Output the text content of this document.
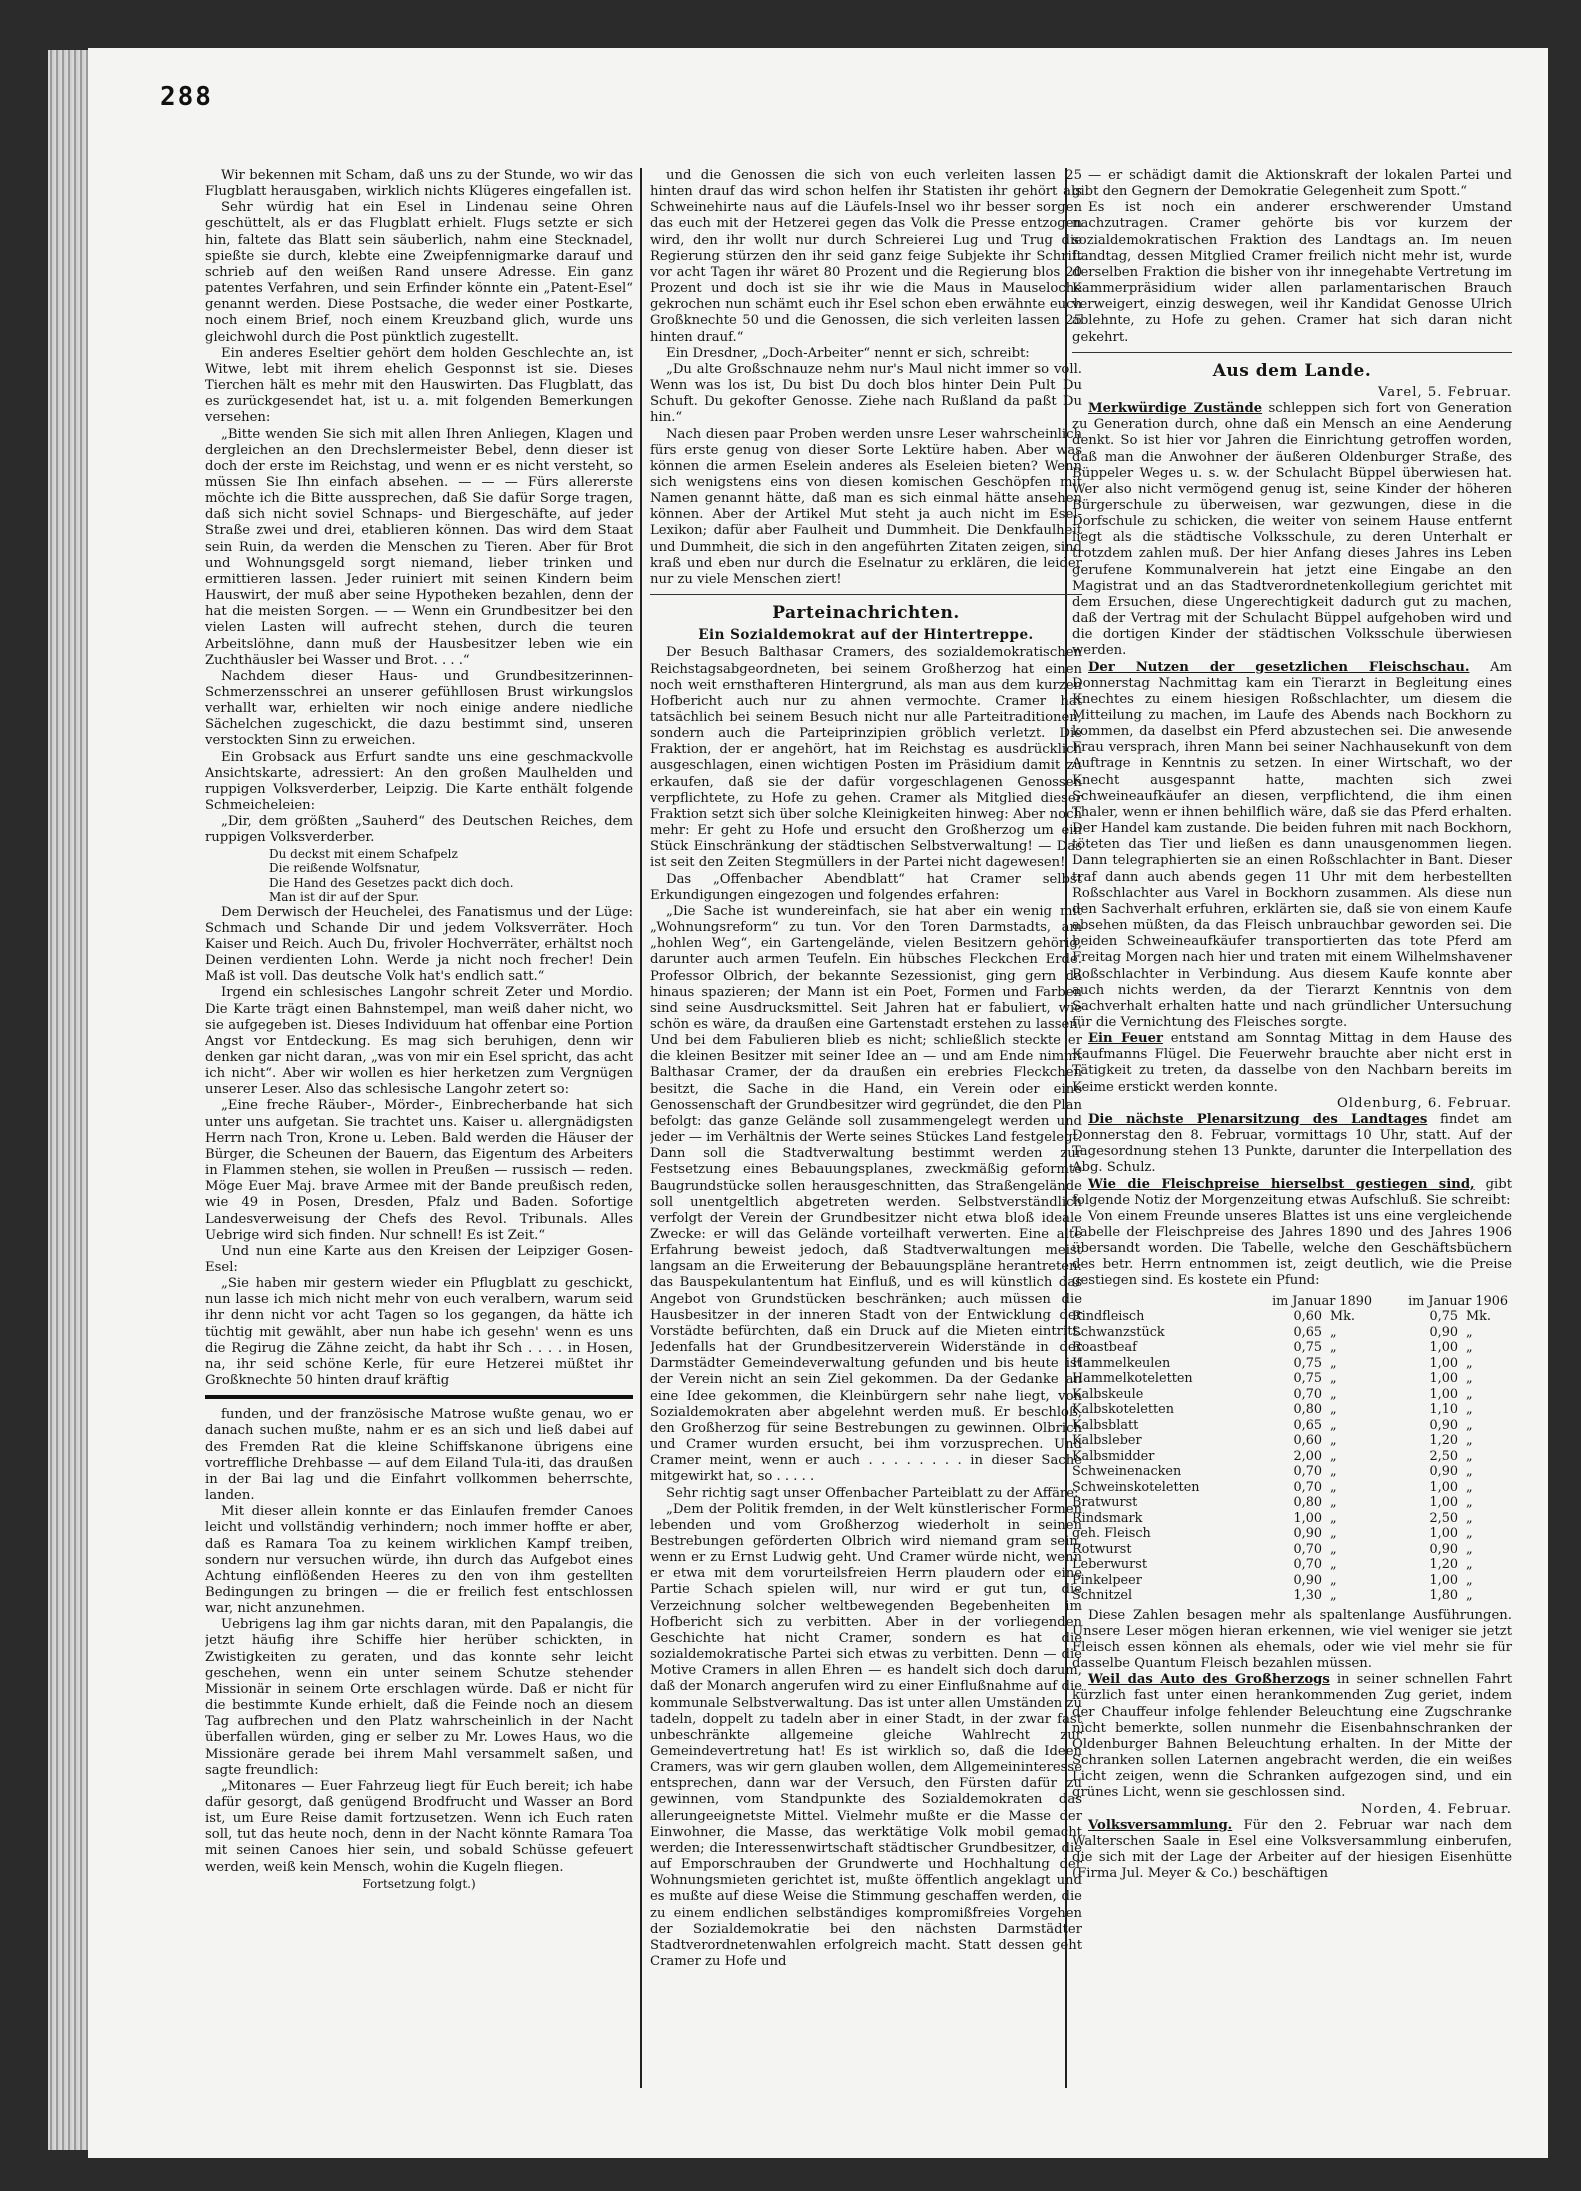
288

Wir bekennen mit Scham, daß uns zu der Stunde, wo wir das Flugblatt herausgaben, wirklich nichts Klügeres eingefallen ist.

Sehr würdig hat ein Esel in Lindenau seine Ohren geschüttelt, als er das Flugblatt erhielt. Flugs setzte er sich hin, faltete das Blatt sein säuberlich, nahm eine Stecknadel, spießte sie durch, klebte eine Zweipfennigmarke darauf und schrieb auf den weißen Rand unsere Adresse. Ein ganz patentes Verfahren, und sein Erfinder könnte ein „Patent-Esel“ genannt werden. Diese Postsache, die weder einer Postkarte, noch einem Brief, noch einem Kreuzband glich, wurde uns gleichwohl durch die Post pünktlich zugestellt.

Ein anderes Eseltier gehört dem holden Geschlechte an, ist Witwe, lebt mit ihrem ehelich Gesponnst ist sie. Dieses Tierchen hält es mehr mit den Hauswirten. Das Flugblatt, das es zurückgesendet hat, ist u. a. mit folgenden Bemerkungen versehen:

„Bitte wenden Sie sich mit allen Ihren Anliegen, Klagen und dergleichen an den Drechslermeister Bebel, denn dieser ist doch der erste im Reichstag, und wenn er es nicht versteht, so müssen Sie Ihn einfach absehen. — — — Fürs allererste möchte ich die Bitte aussprechen, daß Sie dafür Sorge tragen, daß sich nicht soviel Schnaps- und Biergeschäfte, auf jeder Straße zwei und drei, etablieren können. Das wird dem Staat sein Ruin, da werden die Menschen zu Tieren. Aber für Brot und Wohnungsgeld sorgt niemand, lieber trinken und ermittieren lassen. Jeder ruiniert mit seinen Kindern beim Hauswirt, der muß aber seine Hypotheken bezahlen, denn der hat die meisten Sorgen. — — Wenn ein Grundbesitzer bei den vielen Lasten will aufrecht stehen, durch die teuren Arbeitslöhne, dann muß der Hausbesitzer leben wie ein Zuchthäusler bei Wasser und Brot. . . .“

Nachdem dieser Haus- und Grundbesitzerinnen-Schmerzensschrei an unserer gefühllosen Brust wirkungslos verhallt war, erhielten wir noch einige andere niedliche Sächelchen zugeschickt, die dazu bestimmt sind, unseren verstockten Sinn zu erweichen.

Ein Grobsack aus Erfurt sandte uns eine geschmackvolle Ansichtskarte, adressiert: An den großen Maulhelden und ruppigen Volksverderber, Leipzig. Die Karte enthält folgende Schmeicheleien:

„Dir, dem größten „Sauherd“ des Deutschen Reiches, dem ruppigen Volksverderber.

Du deckst mit einem Schafpelz
Die reißende Wolfsnatur,
Die Hand des Gesetzes packt dich doch.
Man ist dir auf der Spur.

Dem Derwisch der Heuchelei, des Fanatismus und der Lüge: Schmach und Schande Dir und jedem Volksverräter. Hoch Kaiser und Reich. Auch Du, frivoler Hochverräter, erhältst noch Deinen verdienten Lohn. Werde ja nicht noch frecher! Dein Maß ist voll. Das deutsche Volk hat's endlich satt.“

Irgend ein schlesisches Langohr schreit Zeter und Mordio. Die Karte trägt einen Bahnstempel, man weiß daher nicht, wo sie aufgegeben ist. Dieses Individuum hat offenbar eine Portion Angst vor Entdeckung. Es mag sich beruhigen, denn wir denken gar nicht daran, „was von mir ein Esel spricht, das acht ich nicht“. Aber wir wollen es hier herketzen zum Vergnügen unserer Leser. Also das schlesische Langohr zetert so:

„Eine freche Räuber-, Mörder-, Einbrecherbande hat sich unter uns aufgetan. Sie trachtet uns. Kaiser u. allergnädigsten Herrn nach Tron, Krone u. Leben. Bald werden die Häuser der Bürger, die Scheunen der Bauern, das Eigentum des Arbeiters in Flammen stehen, sie wollen in Preußen — russisch — reden. Möge Euer Maj. brave Armee mit der Bande preußisch reden, wie 49 in Posen, Dresden, Pfalz und Baden. Sofortige Landesverweisung der Chefs des Revol. Tribunals. Alles Uebrige wird sich finden. Nur schnell! Es ist Zeit.“

Und nun eine Karte aus den Kreisen der Leipziger Gosen-Esel:

„Sie haben mir gestern wieder ein Pflugblatt zu geschickt, nun lasse ich mich nicht mehr von euch veralbern, warum seid ihr denn nicht vor acht Tagen so los gegangen, da hätte ich tüchtig mit gewählt, aber nun habe ich gesehn' wenn es uns die Regirug die Zähne zeicht, da habt ihr Sch . . . . in Hosen, na, ihr seid schöne Kerle, für eure Hetzerei müßtet ihr Großknechte 50 hinten drauf kräftig

funden, und der französische Matrose wußte genau, wo er danach suchen mußte, nahm er es an sich und ließ dabei auf des Fremden Rat die kleine Schiffskanone übrigens eine vortreffliche Drehbasse — auf dem Eiland Tula-iti, das draußen in der Bai lag und die Einfahrt vollkommen beherrschte, landen.

Mit dieser allein konnte er das Einlaufen fremder Canoes leicht und vollständig verhindern; noch immer hoffte er aber, daß es Ramara Toa zu keinem wirklichen Kampf treiben, sondern nur versuchen würde, ihn durch das Aufgebot eines Achtung einflößenden Heeres zu den von ihm gestellten Bedingungen zu bringen — die er freilich fest entschlossen war, nicht anzunehmen.

Uebrigens lag ihm gar nichts daran, mit den Papalangis, die jetzt häufig ihre Schiffe hier herüber schickten, in Zwistigkeiten zu geraten, und das konnte sehr leicht geschehen, wenn ein unter seinem Schutze stehender Missionär in seinem Orte erschlagen würde. Daß er nicht für die bestimmte Kunde erhielt, daß die Feinde noch an diesem Tag aufbrechen und den Platz wahrscheinlich in der Nacht überfallen würden, ging er selber zu Mr. Lowes Haus, wo die Missionäre gerade bei ihrem Mahl versammelt saßen, und sagte freundlich:

„Mitonares — Euer Fahrzeug liegt für Euch bereit; ich habe dafür gesorgt, daß genügend Brodfrucht und Wasser an Bord ist, um Eure Reise damit fortzusetzen. Wenn ich Euch raten soll, tut das heute noch, denn in der Nacht könnte Ramara Toa mit seinen Canoes hier sein, und sobald Schüsse gefeuert werden, weiß kein Mensch, wohin die Kugeln fliegen.

Fortsetzung folgt.)

und die Genossen die sich von euch verleiten lassen 25 hinten drauf das wird schon helfen ihr Statisten ihr gehört als Schweinehirte naus auf die Läufels-Insel wo ihr besser sorgen das euch mit der Hetzerei gegen das Volk die Presse entzogen wird, den ihr wollt nur durch Schreierei Lug und Trug die Regierung stürzen den ihr seid ganz feige Subjekte ihr Schrift vor acht Tagen ihr wäret 80 Prozent und die Regierung blos 20 Prozent und doch ist sie ihr wie die Maus in Mauseloche gekrochen nun schämt euch ihr Esel schon eben erwähnte euch Großknechte 50 und die Genossen, die sich verleiten lassen 25 hinten drauf.“

Ein Dresdner, „Doch-Arbeiter“ nennt er sich, schreibt:

„Du alte Großschnauze nehm nur's Maul nicht immer so voll. Wenn was los ist, Du bist Du doch blos hinter Dein Pult Du Schuft. Du gekofter Genosse. Ziehe nach Rußland da paßt Du hin.“

Nach diesen paar Proben werden unsre Leser wahrscheinlich fürs erste genug von dieser Sorte Lektüre haben. Aber was können die armen Eselein anderes als Eseleien bieten? Wenn sich wenigstens eins von diesen komischen Geschöpfen mit Namen genannt hätte, daß man es sich einmal hätte ansehen können. Aber der Artikel Mut steht ja auch nicht im Esel-Lexikon; dafür aber Faulheit und Dummheit. Die Denkfaulheit und Dummheit, die sich in den angeführten Zitaten zeigen, sind kraß und eben nur durch die Eselnatur zu erklären, die leider nur zu viele Menschen ziert!

Parteinachrichten.

Ein Sozialdemokrat auf der Hintertreppe.

Der Besuch Balthasar Cramers, des sozialdemokratischen Reichstagsabgeordneten, bei seinem Großherzog hat einen noch weit ernsthafteren Hintergrund, als man aus dem kurzen Hofbericht auch nur zu ahnen vermochte. Cramer hat tatsächlich bei seinem Besuch nicht nur alle Parteitraditionen, sondern auch die Parteiprinzipien gröblich verletzt. Die Fraktion, der er angehört, hat im Reichstag es ausdrücklich ausgeschlagen, einen wichtigen Posten im Präsidium damit zu erkaufen, daß sie der dafür vorgeschlagenen Genossen verpflichtete, zu Hofe zu gehen. Cramer als Mitglied dieser Fraktion setzt sich über solche Kleinigkeiten hinweg: Aber noch mehr: Er geht zu Hofe und ersucht den Großherzog um ein Stück Einschränkung der städtischen Selbstverwaltung! — Das ist seit den Zeiten Stegmüllers in der Partei nicht dagewesen!

Das „Offenbacher Abendblatt“ hat Cramer selbst Erkundigungen eingezogen und folgendes erfahren:

„Die Sache ist wundereinfach, sie hat aber ein wenig mit „Wohnungsreform“ zu tun. Vor den Toren Darmstadts, am „hohlen Weg“, ein Gartengelände, vielen Besitzern gehörig, darunter auch armen Teufeln. Ein hübsches Fleckchen Erde. Professor Olbrich, der bekannte Sezessionist, ging gern da hinaus spazieren; der Mann ist ein Poet, Formen und Farben sind seine Ausdrucksmittel. Seit Jahren hat er fabuliert, wie schön es wäre, da draußen eine Gartenstadt erstehen zu lassen. Und bei dem Fabulieren blieb es nicht; schließlich steckte er die kleinen Besitzer mit seiner Idee an — und am Ende nimmt Balthasar Cramer, der da draußen ein erebries Fleckchen besitzt, die Sache in die Hand, ein Verein oder eine Genossenschaft der Grundbesitzer wird gegründet, die den Plan befolgt: das ganze Gelände soll zusammengelegt werden und jeder — im Verhältnis der Werte seines Stückes Land festgelegt. Dann soll die Stadtverwaltung bestimmt werden zur Festsetzung eines Bebauungsplanes, zweckmäßig geformte Baugrundstücke sollen herausgeschnitten, das Straßengelände soll unentgeltlich abgetreten werden. Selbstverständlich verfolgt der Verein der Grundbesitzer nicht etwa bloß ideale Zwecke: er will das Gelände vorteilhaft verwerten. Eine alte Erfahrung beweist jedoch, daß Stadtverwaltungen meist langsam an die Erweiterung der Bebauungspläne herantreten: das Bauspekulantentum hat Einfluß, und es will künstlich das Angebot von Grundstücken beschränken; auch müssen die Hausbesitzer in der inneren Stadt von der Entwicklung der Vorstädte befürchten, daß ein Druck auf die Mieten eintritt. Jedenfalls hat der Grundbesitzerverein Widerstände in der Darmstädter Gemeindeverwaltung gefunden und bis heute ist der Verein nicht an sein Ziel gekommen. Da der Gedanke an eine Idee gekommen, die Kleinbürgern sehr nahe liegt, von Sozialdemokraten aber abgelehnt werden muß. Er beschloß, den Großherzog für seine Bestrebungen zu gewinnen. Olbrich und Cramer wurden ersucht, bei ihm vorzusprechen. Und Cramer meint, wenn er auch . . . . . . . . in dieser Sache mitgewirkt hat, so . . . . .

Sehr richtig sagt unser Offenbacher Parteiblatt zu der Affäre:

„Dem der Politik fremden, in der Welt künstlerischer Formen lebenden und vom Großherzog wiederholt in seinen Bestrebungen geförderten Olbrich wird niemand gram sein, wenn er zu Ernst Ludwig geht. Und Cramer würde nicht, wenn er etwa mit dem vorurteilsfreien Herrn plaudern oder eine Partie Schach spielen will, nur wird er gut tun, die Verzeichnung solcher weltbewegenden Begebenheiten im Hofbericht sich zu verbitten. Aber in der vorliegenden Geschichte hat nicht Cramer, sondern es hat die sozialdemokratische Partei sich etwas zu verbitten. Denn — die Motive Cramers in allen Ehren — es handelt sich doch darum, daß der Monarch angerufen wird zu einer Einflußnahme auf die kommunale Selbstverwaltung. Das ist unter allen Umständen zu tadeln, doppelt zu tadeln aber in einer Stadt, in der zwar fast unbeschränkte allgemeine gleiche Wahlrecht zur Gemeindevertretung hat! Es ist wirklich so, daß die Ideen Cramers, was wir gern glauben wollen, dem Allgemeininteresse entsprechen, dann war der Versuch, den Fürsten dafür zu gewinnen, vom Standpunkte des Sozialdemokraten das allerungeeignetste Mittel. Vielmehr mußte er die Masse der Einwohner, die Masse, das werktätige Volk mobil gemacht werden; die Interessenwirtschaft städtischer Grundbesitzer, die auf Emporschrauben der Grundwerte und Hochhaltung der Wohnungsmieten gerichtet ist, mußte öffentlich angeklagt und es mußte auf diese Weise die Stimmung geschaffen werden, die zu einem endlichen selbständiges kompromißfreies Vorgehen der Sozialdemokratie bei den nächsten Darmstädter Stadtverordnetenwahlen erfolgreich macht. Statt dessen geht Cramer zu Hofe und

— er schädigt damit die Aktionskraft der lokalen Partei und gibt den Gegnern der Demokratie Gelegenheit zum Spott.“

Es ist noch ein anderer erschwerender Umstand nachzutragen. Cramer gehörte bis vor kurzem der sozialdemokratischen Fraktion des Landtags an. Im neuen Landtag, dessen Mitglied Cramer freilich nicht mehr ist, wurde derselben Fraktion die bisher von ihr innegehabte Vertretung im Kammerpräsidium wider allen parlamentarischen Brauch verweigert, einzig deswegen, weil ihr Kandidat Genosse Ulrich ablehnte, zu Hofe zu gehen. Cramer hat sich daran nicht gekehrt.

Aus dem Lande.

Varel, 5. Februar.

Merkwürdige Zustände schleppen sich fort von Generation zu Generation durch, ohne daß ein Mensch an eine Aenderung denkt. So ist hier vor Jahren die Einrichtung getroffen worden, daß man die Anwohner der äußeren Oldenburger Straße, des Büppeler Weges u. s. w. der Schulacht Büppel überwiesen hat. Wer also nicht vermögend genug ist, seine Kinder der höheren Bürgerschule zu überweisen, war gezwungen, diese in die Dorfschule zu schicken, die weiter von seinem Hause entfernt liegt als die städtische Volksschule, zu deren Unterhalt er trotzdem zahlen muß. Der hier Anfang dieses Jahres ins Leben gerufene Kommunalverein hat jetzt eine Eingabe an den Magistrat und an das Stadtverordnetenkollegium gerichtet mit dem Ersuchen, diese Ungerechtigkeit dadurch gut zu machen, daß der Vertrag mit der Schulacht Büppel aufgehoben wird und die dortigen Kinder der städtischen Volksschule überwiesen werden.

Der Nutzen der gesetzlichen Fleischschau. Am Donnerstag Nachmittag kam ein Tierarzt in Begleitung eines Knechtes zu einem hiesigen Roßschlachter, um diesem die Mitteilung zu machen, im Laufe des Abends nach Bockhorn zu kommen, da daselbst ein Pferd abzustechen sei. Die anwesende Frau versprach, ihren Mann bei seiner Nachhausekunft von dem Auftrage in Kenntnis zu setzen. In einer Wirtschaft, wo der Knecht ausgespannt hatte, machten sich zwei Schweineaufkäufer an diesen, verpflichtend, die ihm einen Thaler, wenn er ihnen behilflich wäre, daß sie das Pferd erhalten. Der Handel kam zustande. Die beiden fuhren mit nach Bockhorn, töteten das Tier und ließen es dann unausgenommen liegen. Dann telegraphierten sie an einen Roßschlachter in Bant. Dieser traf dann auch abends gegen 11 Uhr mit dem herbestellten Roßschlachter aus Varel in Bockhorn zusammen. Als diese nun den Sachverhalt erfuhren, erklärten sie, daß sie von einem Kaufe absehen müßten, da das Fleisch unbrauchbar geworden sei. Die beiden Schweineaufkäufer transportierten das tote Pferd am Freitag Morgen nach hier und traten mit einem Wilhelmshavener Roßschlachter in Verbindung. Aus diesem Kaufe konnte aber auch nichts werden, da der Tierarzt Kenntnis von dem Sachverhalt erhalten hatte und nach gründlicher Untersuchung für die Vernichtung des Fleisches sorgte.

Ein Feuer entstand am Sonntag Mittag in dem Hause des Kaufmanns Flügel. Die Feuerwehr brauchte aber nicht erst in Tätigkeit zu treten, da dasselbe von den Nachbarn bereits im Keime erstickt werden konnte.

Oldenburg, 6. Februar.

Die nächste Plenarsitzung des Landtages findet am Donnerstag den 8. Februar, vormittags 10 Uhr, statt. Auf der Tagesordnung stehen 13 Punkte, darunter die Interpellation des Abg. Schulz.

Wie die Fleischpreise hierselbst gestiegen sind, gibt folgende Notiz der Morgenzeitung etwas Aufschluß. Sie schreibt:

Von einem Freunde unseres Blattes ist uns eine vergleichende Tabelle der Fleischpreise des Jahres 1890 und des Jahres 1906 übersandt worden. Die Tabelle, welche den Geschäftsbüchern des betr. Herrn entnommen ist, zeigt deutlich, wie die Preise gestiegen sind. Es kostete ein Pfund:

	im Januar 1890		im Januar 1906	
Rindfleisch	0,60	Mk.	0,75	Mk.
Schwanzstück	0,65	„	0,90	„
Roastbeaf	0,75	„	1,00	„
Hammelkeulen	0,75	„	1,00	„
Hammelkoteletten	0,75	„	1,00	„
Kalbskeule	0,70	„	1,00	„
Kalbskoteletten	0,80	„	1,10	„
Kalbsblatt	0,65	„	0,90	„
Kalbsleber	0,60	„	1,20	„
Kalbsmidder	2,00	„	2,50	„
Schweinenacken	0,70	„	0,90	„
Schweinskoteletten	0,70	„	1,00	„
Bratwurst	0,80	„	1,00	„
Rindsmark	1,00	„	2,50	„
geh. Fleisch	0,90	„	1,00	„
Rotwurst	0,70	„	0,90	„
Leberwurst	0,70	„	1,20	„
Pinkelpeer	0,90	„	1,00	„
Schnitzel	1,30	„	1,80	„

Diese Zahlen besagen mehr als spaltenlange Ausführungen. Unsere Leser mögen hieran erkennen, wie viel weniger sie jetzt Fleisch essen können als ehemals, oder wie viel mehr sie für dasselbe Quantum Fleisch bezahlen müssen.

Weil das Auto des Großherzogs in seiner schnellen Fahrt kürzlich fast unter einen herankommenden Zug geriet, indem der Chauffeur infolge fehlender Beleuchtung eine Zugschranke nicht bemerkte, sollen nunmehr die Eisenbahnschranken der Oldenburger Bahnen Beleuchtung erhalten. In der Mitte der Schranken sollen Laternen angebracht werden, die ein weißes Licht zeigen, wenn die Schranken aufgezogen sind, und ein grünes Licht, wenn sie geschlossen sind.

Norden, 4. Februar.

Volksversammlung. Für den 2. Februar war nach dem Walterschen Saale in Esel eine Volksversammlung einberufen, die sich mit der Lage der Arbeiter auf der hiesigen Eisenhütte (Firma Jul. Meyer & Co.) beschäftigen
